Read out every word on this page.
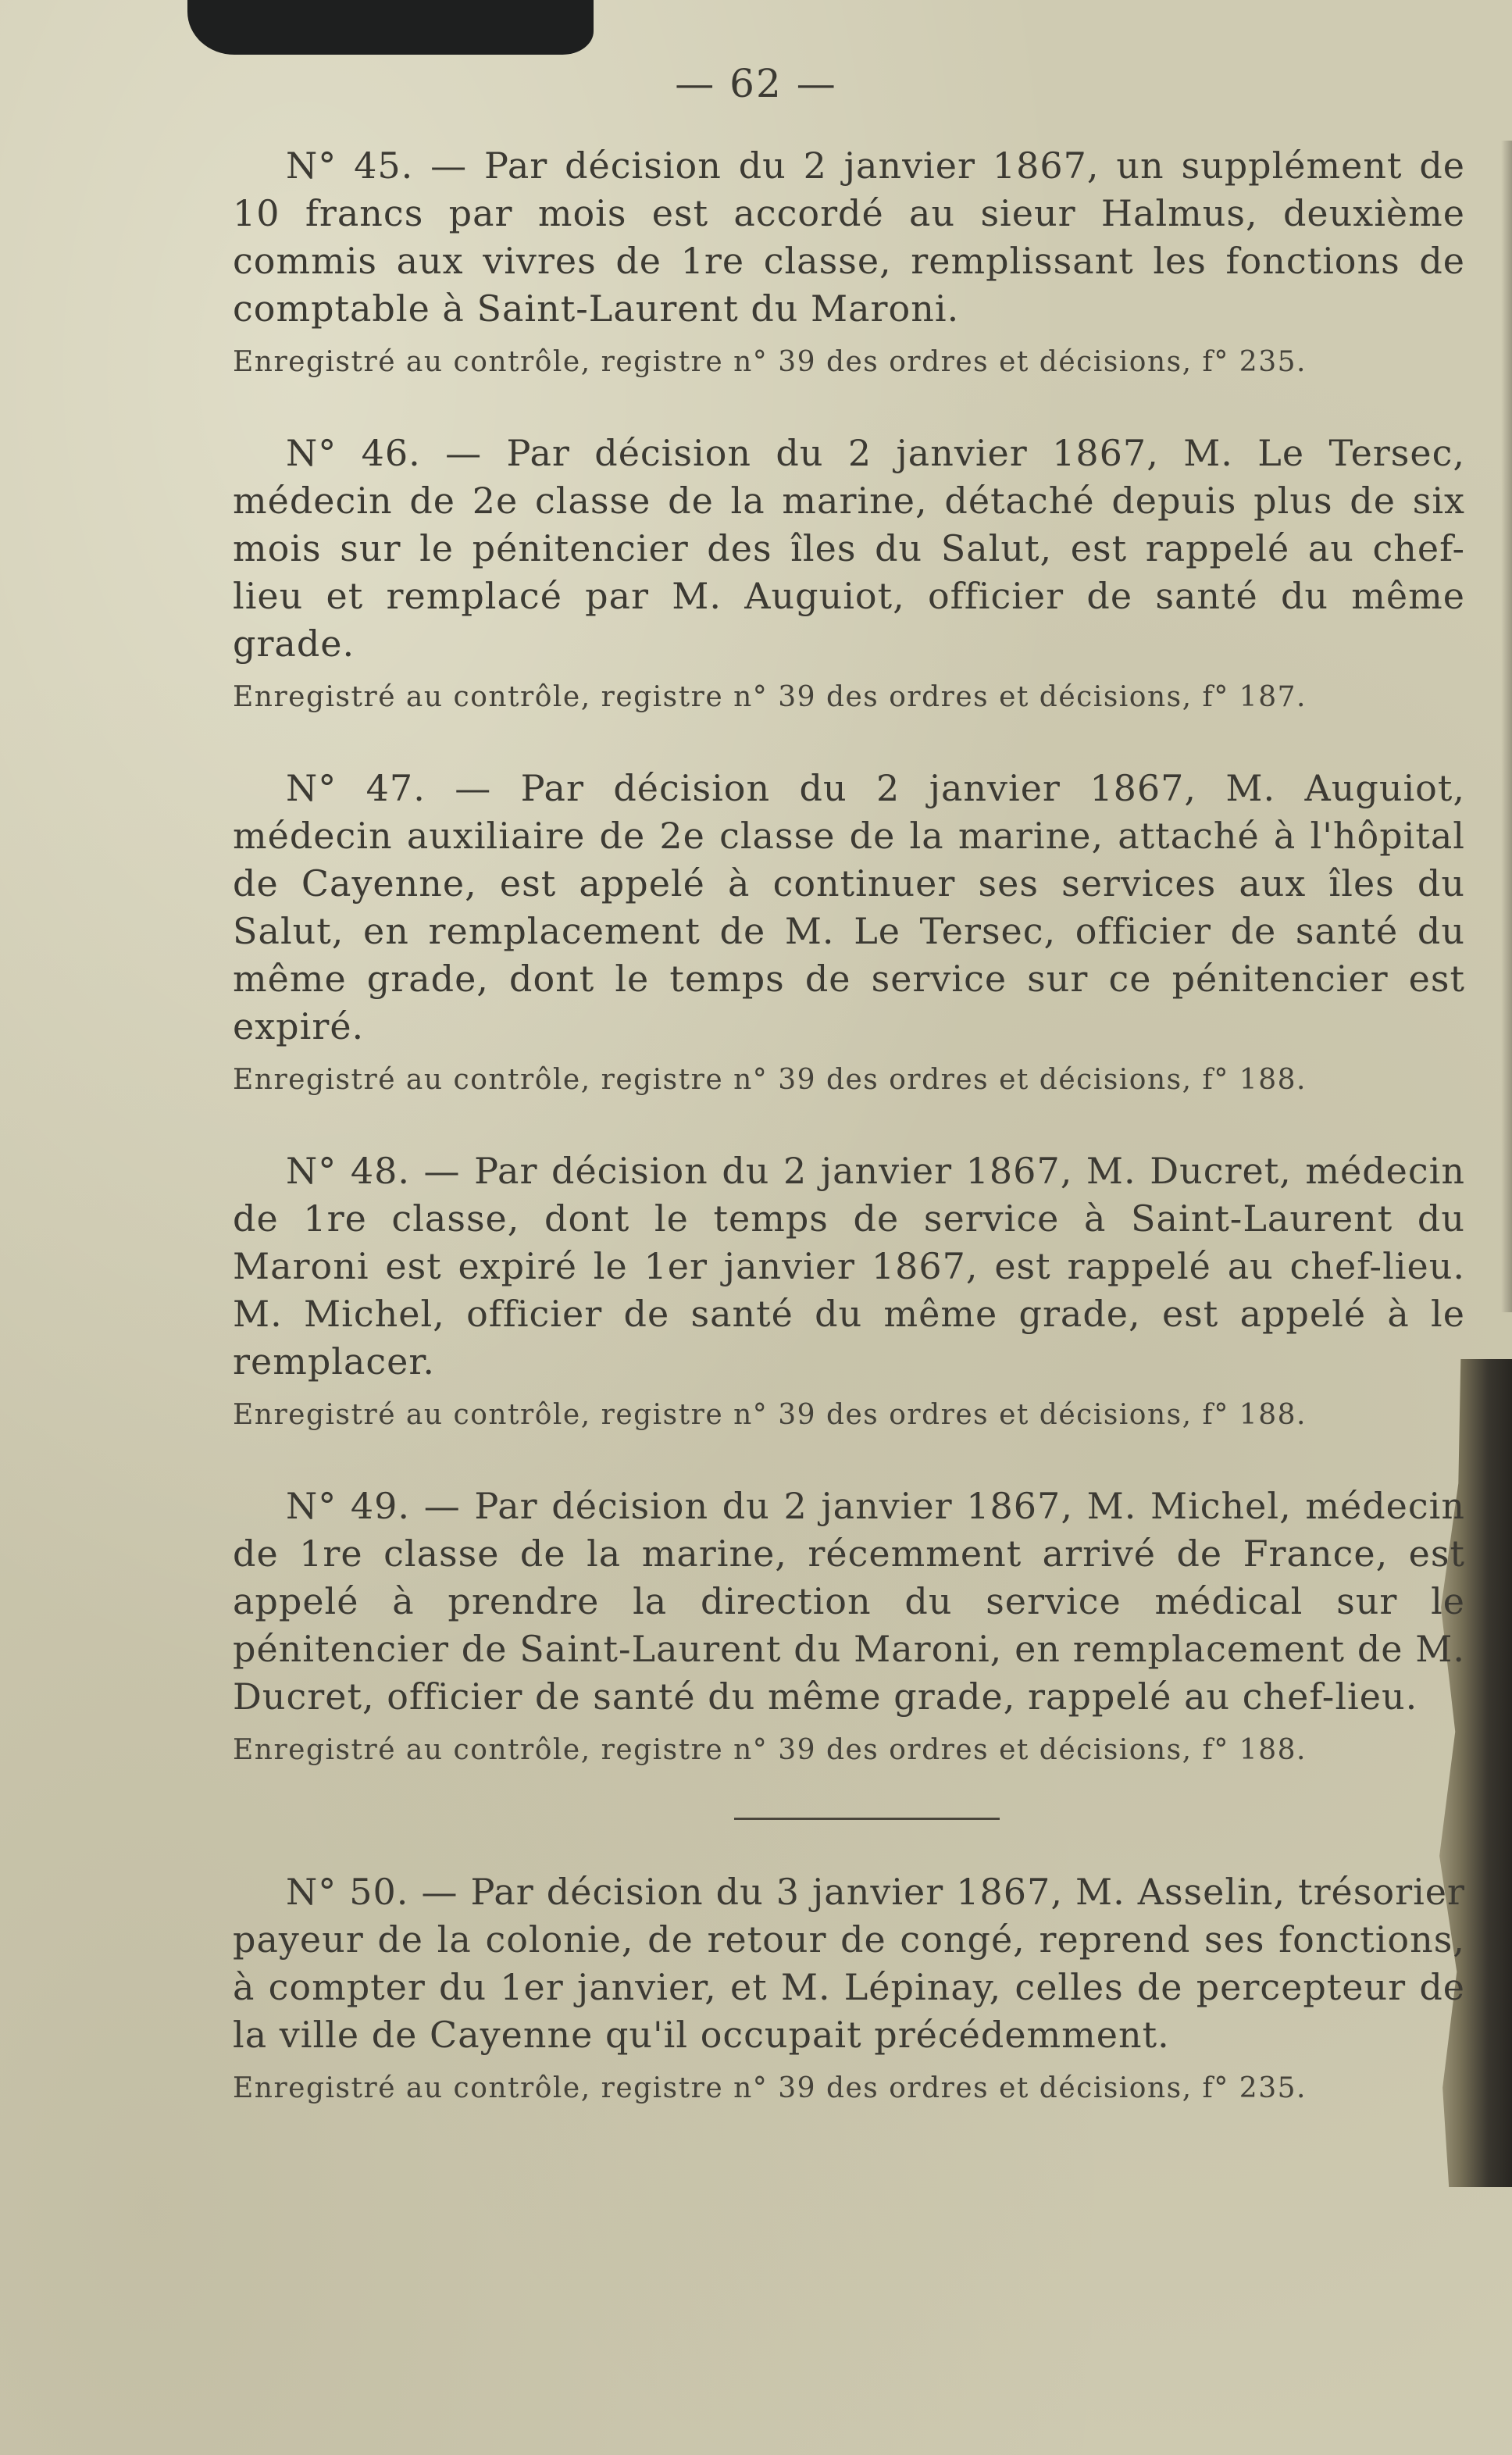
— 62 —

N° 45. — Par décision du 2 janvier 1867, un supplément de 10 francs par mois est accordé au sieur Halmus, deuxième commis aux vivres de 1re classe, remplissant les fonctions de comptable à Saint-Laurent du Maroni.

Enregistré au contrôle, registre n° 39 des ordres et décisions, f° 235.

N° 46. — Par décision du 2 janvier 1867, M. Le Tersec, médecin de 2e classe de la marine, détaché depuis plus de six mois sur le pénitencier des îles du Salut, est rappelé au chef-lieu et remplacé par M. Auguiot, officier de santé du même grade.

Enregistré au contrôle, registre n° 39 des ordres et décisions, f° 187.

N° 47. — Par décision du 2 janvier 1867, M. Auguiot, médecin auxiliaire de 2e classe de la marine, attaché à l'hôpital de Cayenne, est appelé à continuer ses services aux îles du Salut, en remplacement de M. Le Tersec, officier de santé du même grade, dont le temps de service sur ce pénitencier est expiré.

Enregistré au contrôle, registre n° 39 des ordres et décisions, f° 188.

N° 48. — Par décision du 2 janvier 1867, M. Ducret, médecin de 1re classe, dont le temps de service à Saint-Laurent du Maroni est expiré le 1er janvier 1867, est rappelé au chef-lieu. M. Michel, officier de santé du même grade, est appelé à le remplacer.

Enregistré au contrôle, registre n° 39 des ordres et décisions, f° 188.

N° 49. — Par décision du 2 janvier 1867, M. Michel, médecin de 1re classe de la marine, récemment arrivé de France, est appelé à prendre la direction du service médical sur le pénitencier de Saint-Laurent du Maroni, en remplacement de M. Ducret, officier de santé du même grade, rappelé au chef-lieu.

Enregistré au contrôle, registre n° 39 des ordres et décisions, f° 188.

N° 50. — Par décision du 3 janvier 1867, M. Asselin, trésorier payeur de la colonie, de retour de congé, reprend ses fonctions, à compter du 1er janvier, et M. Lépinay, celles de percepteur de la ville de Cayenne qu'il occupait précédemment.

Enregistré au contrôle, registre n° 39 des ordres et décisions, f° 235.
